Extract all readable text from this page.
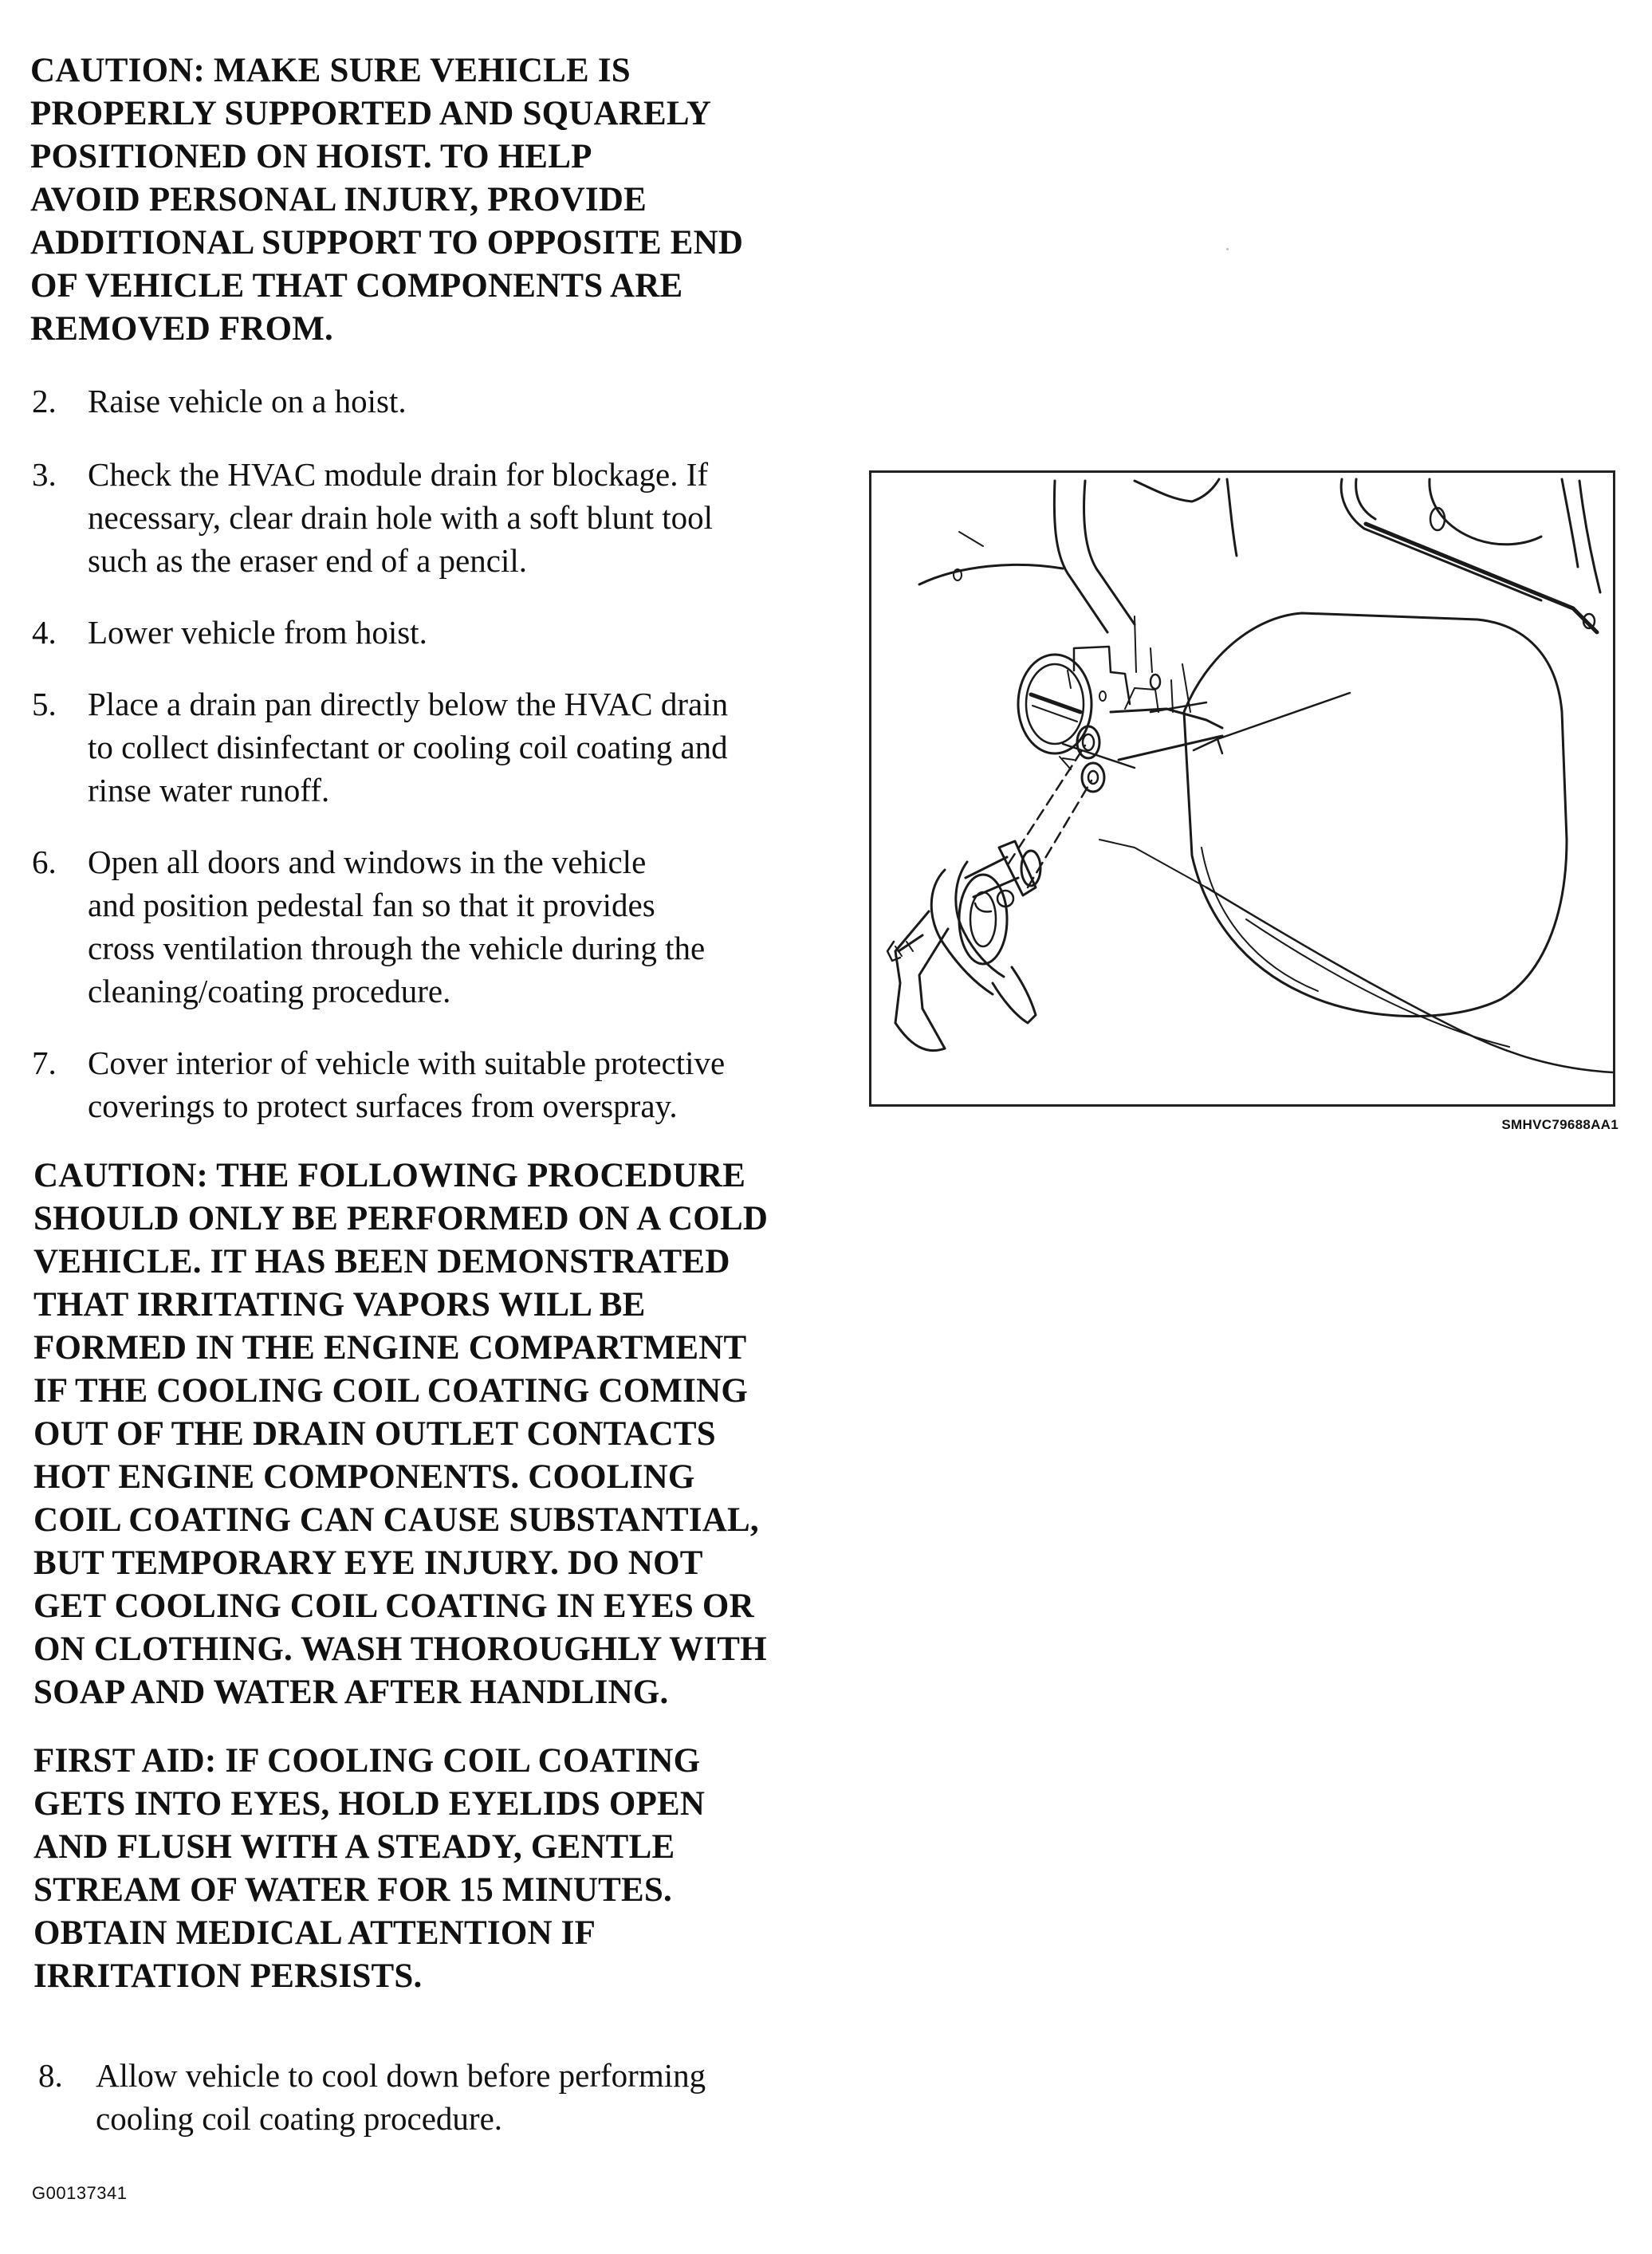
CAUTION: MAKE SURE VEHICLE IS
PROPERLY SUPPORTED AND SQUARELY
POSITIONED ON HOIST. TO HELP
AVOID PERSONAL INJURY, PROVIDE
ADDITIONAL SUPPORT TO OPPOSITE END
OF VEHICLE THAT COMPONENTS ARE
REMOVED FROM.

2. Raise vehicle on a hoist.
3. Check the HVAC module drain for blockage. If
necessary, clear drain hole with a soft blunt tool
such as the eraser end of a pencil.
4. Lower vehicle from hoist.
5. Place a drain pan directly below the HVAC drain
to collect disinfectant or cooling coil coating and
rinse water runoff.
6. Open all doors and windows in the vehicle
and position pedestal fan so that it provides
cross ventilation through the vehicle during the
cleaning/coating procedure.
7. Cover interior of vehicle with suitable protective
coverings to protect surfaces from overspray.
SMHVC79688AA1

CAUTION: THE FOLLOWING PROCEDURE
SHOULD ONLY BE PERFORMED ON A COLD
VEHICLE. IT HAS BEEN DEMONSTRATED
THAT IRRITATING VAPORS WILL BE
FORMED IN THE ENGINE COMPARTMENT
IF THE COOLING COIL COATING COMING
OUT OF THE DRAIN OUTLET CONTACTS
HOT ENGINE COMPONENTS. COOLING
COIL COATING CAN CAUSE SUBSTANTIAL,
BUT TEMPORARY EYE INJURY. DO NOT
GET COOLING COIL COATING IN EYES OR
ON CLOTHING. WASH THOROUGHLY WITH
SOAP AND WATER AFTER HANDLING.

FIRST AID: IF COOLING COIL COATING
GETS INTO EYES, HOLD EYELIDS OPEN
AND FLUSH WITH A STEADY, GENTLE
STREAM OF WATER FOR 15 MINUTES.
OBTAIN MEDICAL ATTENTION IF
IRRITATION PERSISTS.

8. Allow vehicle to cool down before performing
cooling coil coating procedure.
G00137341
